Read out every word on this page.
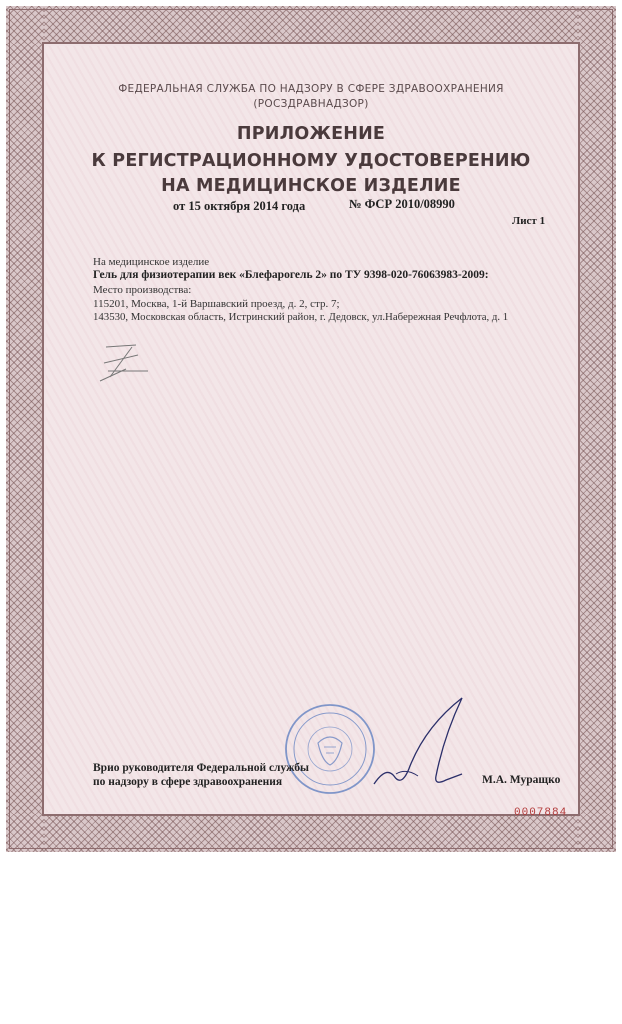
ФЕДЕРАЛЬНАЯ СЛУЖБА ПО НАДЗОРУ В СФЕРЕ ЗДРАВООХРАНЕНИЯ
(РОСЗДРАВНАДЗОР)
ПРИЛОЖЕНИЕ
К РЕГИСТРАЦИОННОМУ УДОСТОВЕРЕНИЮ
НА МЕДИЦИНСКОЕ ИЗДЕЛИЕ
от 15 октября 2014 года	№ ФСР 2010/08990
Лист 1
На медицинское изделие
Гель для физиотерапии век «Блефарогель 2» по ТУ 9398-020-76063983-2009:
Место производства:
115201, Москва, 1-й Варшавский проезд, д. 2, стр. 7;
143530, Московская область, Истринский район, г. Дедовск, ул.Набережная Речфлота, д. 1
Врио руководителя Федеральной службы
по надзору в сфере здравоохранения	М.А. Муращко
0007884
